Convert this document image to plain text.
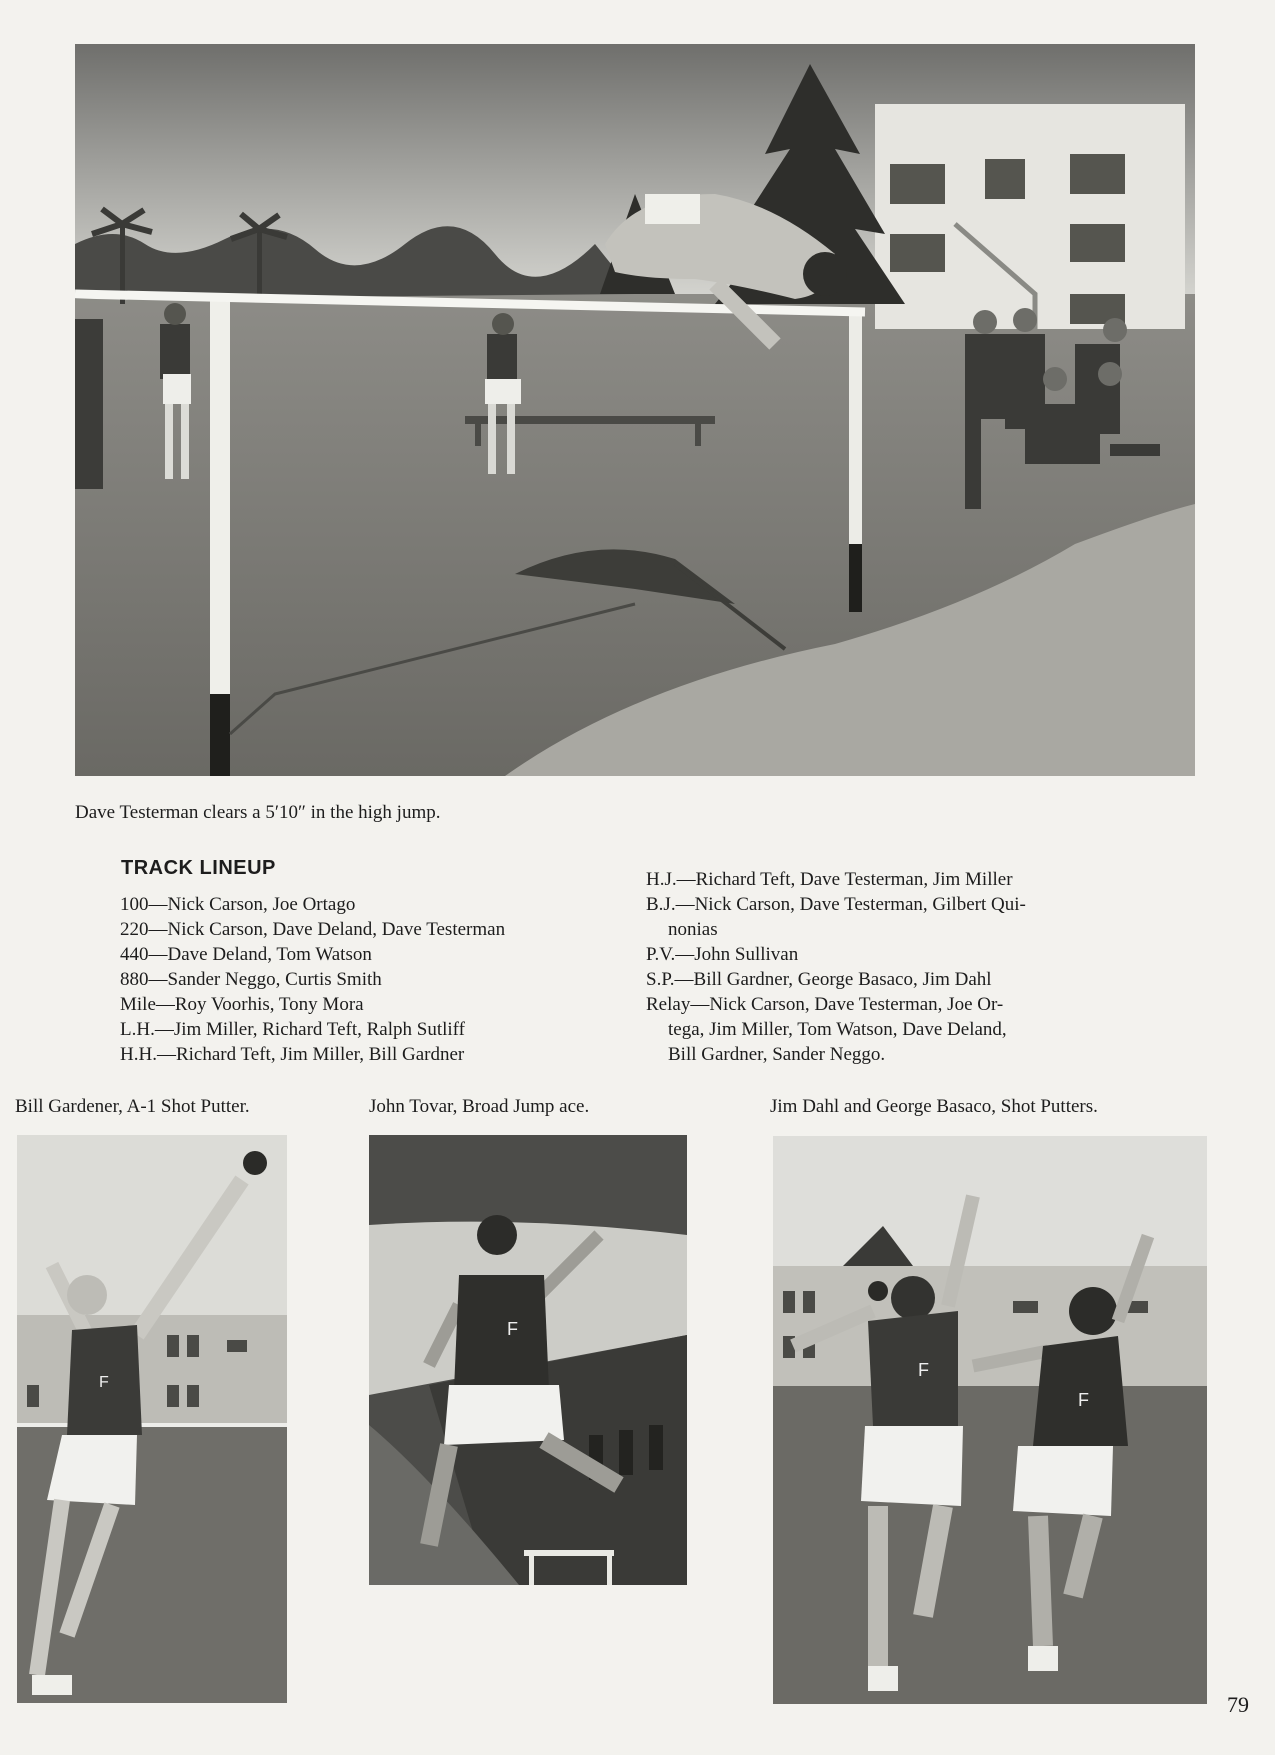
Dave Testerman clears a 5′10″ in the high jump.
TRACK LINEUP
100—Nick Carson, Joe Ortago
220—Nick Carson, Dave Deland, Dave Testerman
440—Dave Deland, Tom Watson
880—Sander Neggo, Curtis Smith
Mile—Roy Voorhis, Tony Mora
L.H.—Jim Miller, Richard Teft, Ralph Sutliff
H.H.—Richard Teft, Jim Miller, Bill Gardner
H.J.—Richard Teft, Dave Testerman, Jim Miller
B.J.—Nick Carson, Dave Testerman, Gilbert Qui-
nonias
P.V.—John Sullivan
S.P.—Bill Gardner, George Basaco, Jim Dahl
Relay—Nick Carson, Dave Testerman, Joe Or-
tega, Jim Miller, Tom Watson, Dave Deland,
Bill Gardner, Sander Neggo.
Bill Gardener, A-1 Shot Putter.	John Tovar, Broad Jump ace.	Jim Dahl and George Basaco, Shot Putters.
F
F
F
F
79
